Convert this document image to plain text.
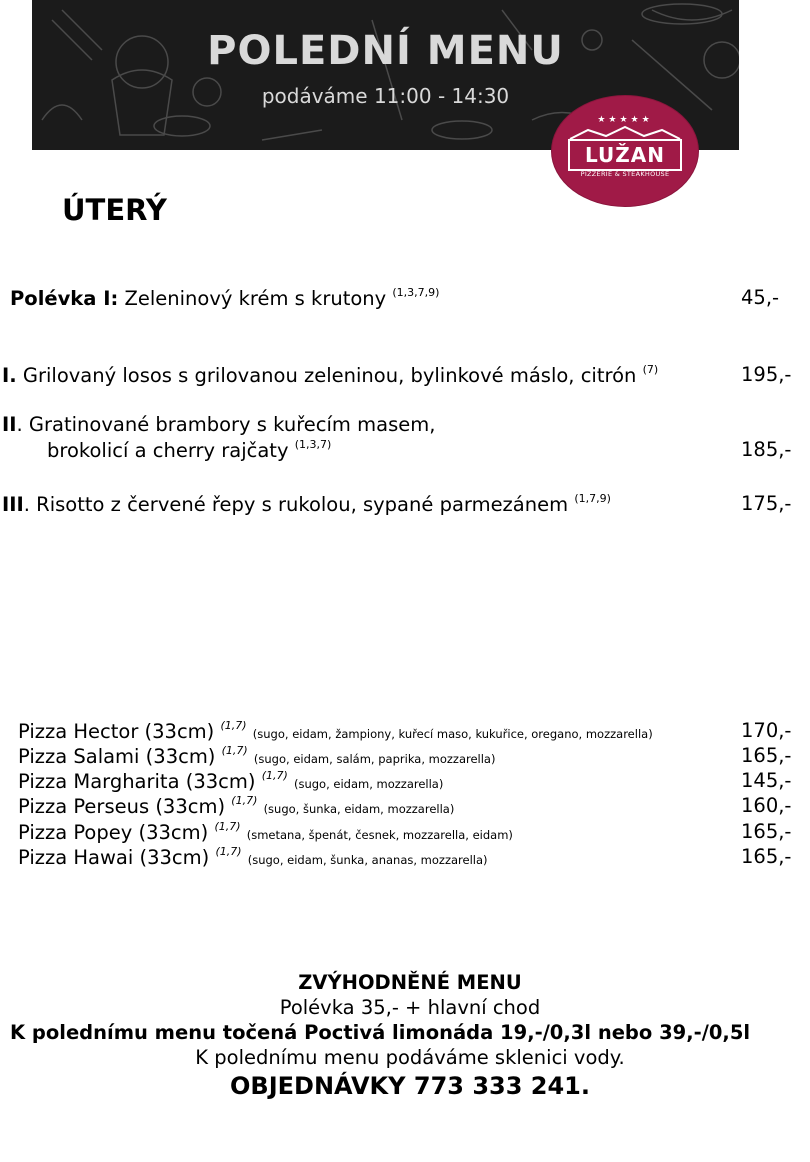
POLEDNÍ MENU
podáváme 11:00 - 14:30
★★★★★
LUŽAN
PIZZERIE & STEAKHOUSE
ÚTERÝ
Polévka I: Zeleninový krém s krutony $^{(1,3,7,9)}$	45,-
I. Grilovaný losos s grilovanou zeleninou, bylinkové máslo, citrón $^{(7)}$	195,-
II. Gratinované brambory s kuřecím masem,
brokolicí a cherry rajčaty $^{(1,3,7)}$	185,-
III. Risotto z červené řepy s rukolou, sypané parmezánem $^{(1,7,9)}$	175,-
Pizza Hector (33cm) $^{(1,7)}$ (sugo, eidam, žampiony, kuřecí maso, kukuřice, oregano, mozzarella)	170,-
Pizza Salami (33cm) $^{(1,7)}$ (sugo, eidam, salám, paprika, mozzarella)	165,-
Pizza Margharita (33cm) $^{(1,7)}$ (sugo, eidam, mozzarella)	145,-
Pizza Perseus (33cm) $^{(1,7)}$ (sugo, šunka, eidam, mozzarella)	160,-
Pizza Popey (33cm) $^{(1,7)}$ (smetana, špenát, česnek, mozzarella, eidam)	165,-
Pizza Hawai (33cm) $^{(1,7)}$ (sugo, eidam, šunka, ananas, mozzarella)	165,-
ZVÝHODNĚNÉ MENU
Polévka 35,- + hlavní chod
K polednímu menu točená Poctivá limonáda 19,-/0,3l nebo 39,-/0,5l
K polednímu menu podáváme sklenici vody.
OBJEDNÁVKY 773 333 241.
